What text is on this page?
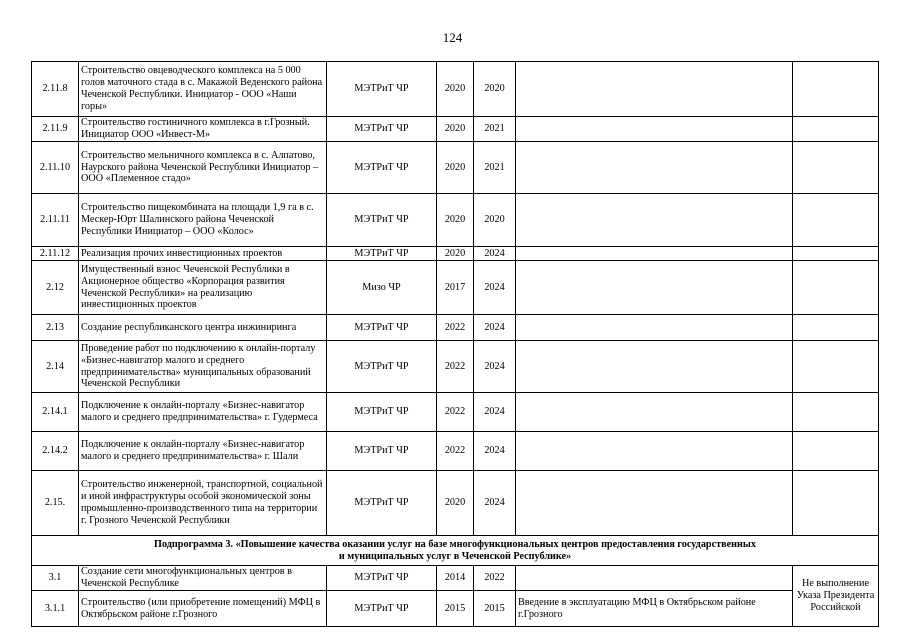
124
2.11.8	Строительство овцеводческого комплекса на 5 000 голов маточного стада в с. Макажой Веденского района Чеченской Республики. Инициатор - ООО «Наши горы»	МЭТРиТ ЧР	2020	2020		
2.11.9	Строительство гостиничного комплекса в г.Грозный. Инициатор ООО «Инвест-М»	МЭТРиТ ЧР	2020	2021		
2.11.10	Строительство мельничного комплекса в с. Алпатово, Наурского района Чеченской Республики Инициатор – ООО «Племенное стадо»	МЭТРиТ ЧР	2020	2021		
2.11.11	Строительство пищекомбината на площади 1,9 га в с. Мескер-Юрт Шалинского района Чеченской Республики Инициатор – ООО «Колос»	МЭТРиТ ЧР	2020	2020		
2.11.12	Реализация прочих инвестиционных проектов	МЭТРиТ ЧР	2020	2024		
2.12	Имущественный взнос Чеченской Республики в Акционерное общество «Корпорация развития Чеченской Республики» на реализацию инвестиционных проектов	Мизо ЧР	2017	2024		
2.13	Создание республиканского центра инжиниринга	МЭТРиТ ЧР	2022	2024		
2.14	Проведение работ по подключению к онлайн-порталу «Бизнес-навигатор малого и среднего предпринимательства» муниципальных образований Чеченской Республики	МЭТРиТ ЧР	2022	2024		
2.14.1	Подключение к онлайн-порталу «Бизнес-навигатор малого и среднего предпринимательства» г. Гудермеса	МЭТРиТ ЧР	2022	2024		
2.14.2	Подключение к онлайн-порталу «Бизнес-навигатор малого и среднего предпринимательства» г. Шали	МЭТРиТ ЧР	2022	2024		
2.15.	Строительство инженерной, транспортной, социальной и иной инфраструктуры особой экономической зоны промышленно-производственного типа на территории г. Грозного Чеченской Республики	МЭТРиТ ЧР	2020	2024		

Подпрограмма 3. «Повышение качества оказании услуг на базе многофункциональных центров предоставления государственных
и муниципальных услуг в Чеченской Республике»						

3.1	Создание сети многофункциональных центров в Чеченской Республике	МЭТРиТ ЧР	2014	2022		Не выполнение Указа Президента Российской
3.1.1	Строительство (или приобретение помещений) МФЦ в Октябрьском районе г.Грозного	МЭТРиТ ЧР	2015	2015	Введение в эксплуатацию МФЦ в Октябрьском районе г.Грозного	
